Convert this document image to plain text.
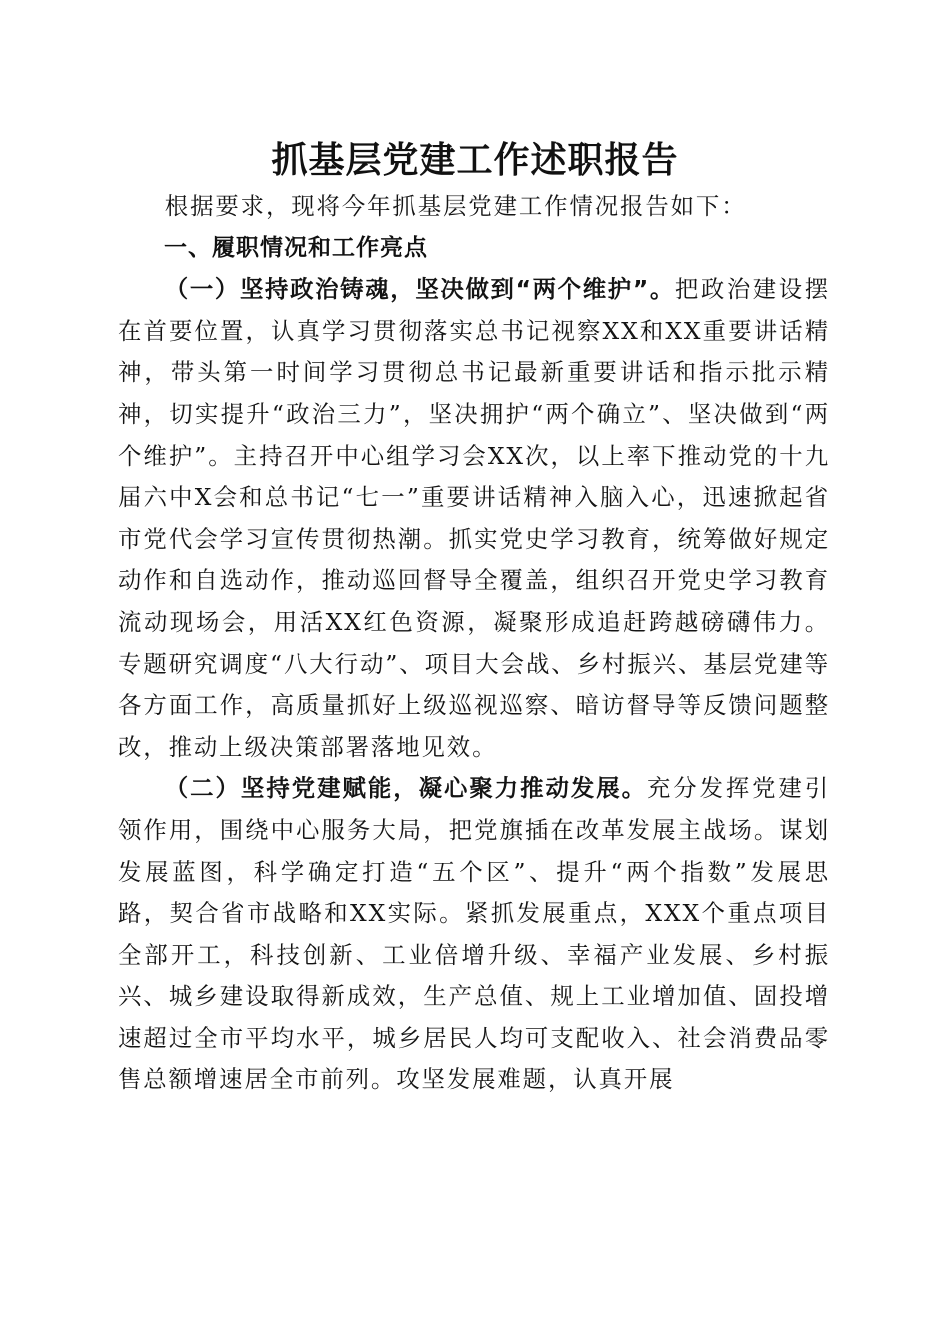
抓基层党建工作述职报告

根据要求，现将今年抓基层党建工作情况报告如下：

一、履职情况和工作亮点

（一）坚持政治铸魂，坚决做到“两个维护”。把政治建设摆在首要位置，认真学习贯彻落实总书记视察XX和XX重要讲话精神，带头第一时间学习贯彻总书记最新重要讲话和指示批示精神，切实提升“政治三力”，坚决拥护“两个确立”、坚决做到“两个维护”。主持召开中心组学习会XX次，以上率下推动党的十九届六中X会和总书记“七一”重要讲话精神入脑入心，迅速掀起省市党代会学习宣传贯彻热潮。抓实党史学习教育，统筹做好规定动作和自选动作，推动巡回督导全覆盖，组织召开党史学习教育流动现场会，用活XX红色资源，凝聚形成追赶跨越磅礴伟力。专题研究调度“八大行动”、项目大会战、乡村振兴、基层党建等各方面工作，高质量抓好上级巡视巡察、暗访督导等反馈问题整改，推动上级决策部署落地见效。

（二）坚持党建赋能，凝心聚力推动发展。充分发挥党建引领作用，围绕中心服务大局，把党旗插在改革发展主战场。谋划发展蓝图，科学确定打造“五个区”、提升“两个指数”发展思路，契合省市战略和XX实际。紧抓发展重点，XXX个重点项目全部开工，科技创新、工业倍增升级、幸福产业发展、乡村振兴、城乡建设取得新成效，生产总值、规上工业增加值、固投增速超过全市平均水平，城乡居民人均可支配收入、社会消费品零售总额增速居全市前列。攻坚发展难题，认真开展
